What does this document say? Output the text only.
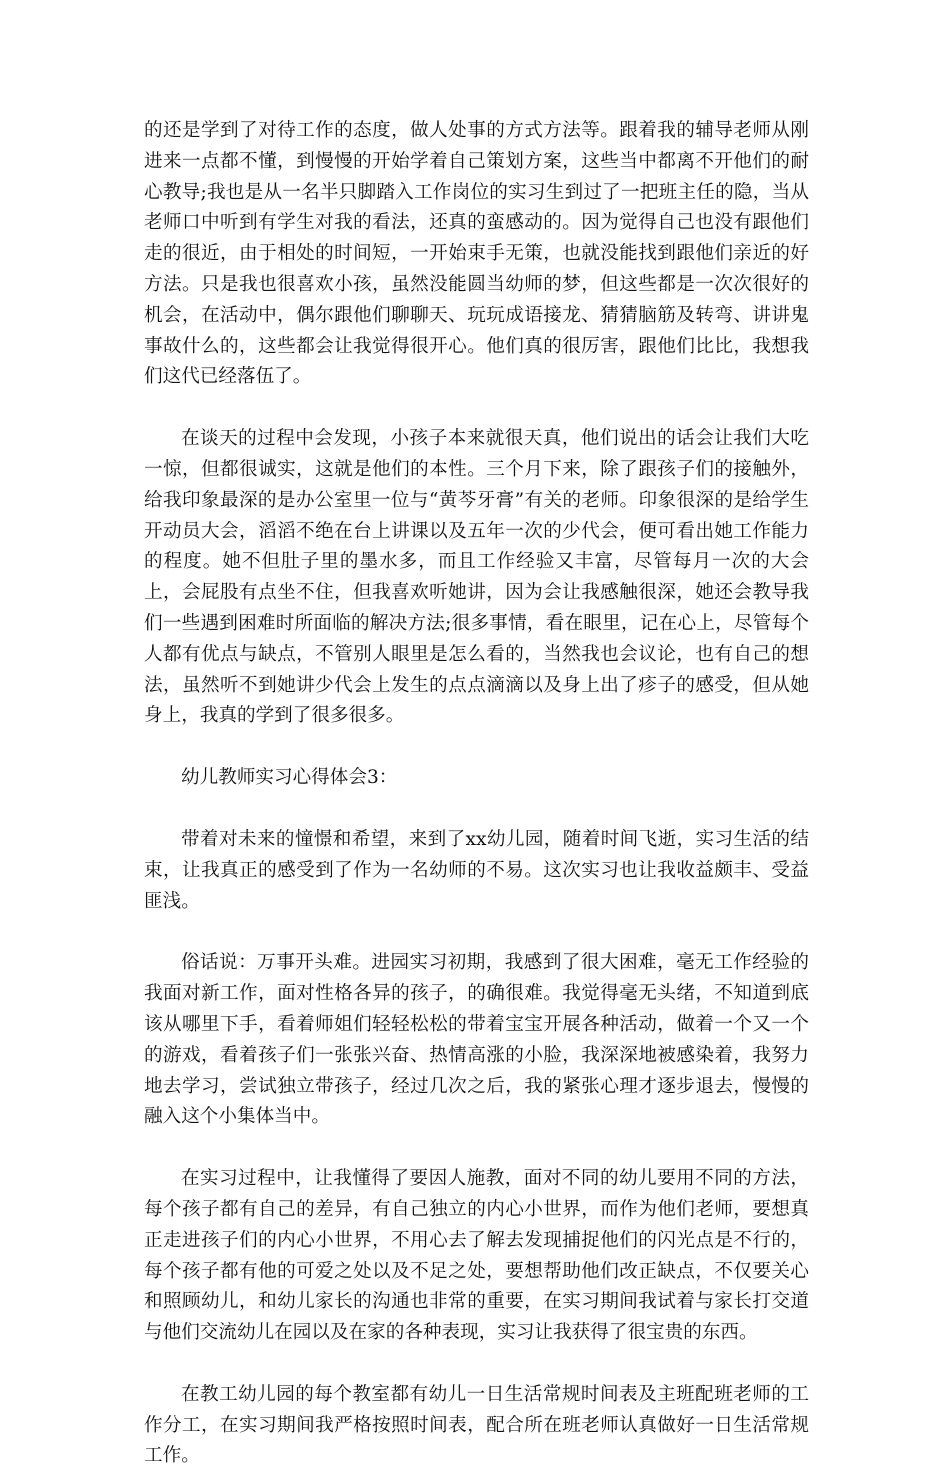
的还是学到了对待工作的态度，做人处事的方式方法等。跟着我的辅导老师从刚进来一点都不懂，到慢慢的开始学着自己策划方案，这些当中都离不开他们的耐心教导;我也是从一名半只脚踏入工作岗位的实习生到过了一把班主任的隐，当从老师口中听到有学生对我的看法，还真的蛮感动的。因为觉得自己也没有跟他们走的很近，由于相处的时间短，一开始束手无策，也就没能找到跟他们亲近的好方法。只是我也很喜欢小孩，虽然没能圆当幼师的梦，但这些都是一次次很好的机会，在活动中，偶尔跟他们聊聊天、玩玩成语接龙、猜猜脑筋及转弯、讲讲鬼事故什么的，这些都会让我觉得很开心。他们真的很厉害，跟他们比比，我想我们这代已经落伍了。

在谈天的过程中会发现，小孩子本来就很天真，他们说出的话会让我们大吃一惊，但都很诚实，这就是他们的本性。三个月下来，除了跟孩子们的接触外，给我印象最深的是办公室里一位与“黄芩牙膏”有关的老师。印象很深的是给学生开动员大会，滔滔不绝在台上讲课以及五年一次的少代会，便可看出她工作能力的程度。她不但肚子里的墨水多，而且工作经验又丰富，尽管每月一次的大会上，会屁股有点坐不住，但我喜欢听她讲，因为会让我感触很深，她还会教导我们一些遇到困难时所面临的解决方法;很多事情，看在眼里，记在心上，尽管每个人都有优点与缺点，不管别人眼里是怎么看的，当然我也会议论，也有自己的想法，虽然听不到她讲少代会上发生的点点滴滴以及身上出了疹子的感受，但从她身上，我真的学到了很多很多。

幼儿教师实习心得体会3：

带着对未来的憧憬和希望，来到了xx幼儿园，随着时间飞逝，实习生活的结束，让我真正的感受到了作为一名幼师的不易。这次实习也让我收益颇丰、受益匪浅。

俗话说：万事开头难。进园实习初期，我感到了很大困难，毫无工作经验的我面对新工作，面对性格各异的孩子，的确很难。我觉得毫无头绪，不知道到底该从哪里下手，看着师姐们轻轻松松的带着宝宝开展各种活动，做着一个又一个的游戏，看着孩子们一张张兴奋、热情高涨的小脸，我深深地被感染着，我努力地去学习，尝试独立带孩子，经过几次之后，我的紧张心理才逐步退去，慢慢的融入这个小集体当中。

在实习过程中，让我懂得了要因人施教，面对不同的幼儿要用不同的方法，每个孩子都有自己的差异，有自己独立的内心小世界，而作为他们老师，要想真正走进孩子们的内心小世界，不用心去了解去发现捕捉他们的闪光点是不行的，每个孩子都有他的可爱之处以及不足之处，要想帮助他们改正缺点，不仅要关心和照顾幼儿，和幼儿家长的沟通也非常的重要，在实习期间我试着与家长打交道与他们交流幼儿在园以及在家的各种表现，实习让我获得了很宝贵的东西。

在教工幼儿园的每个教室都有幼儿一日生活常规时间表及主班配班老师的工作分工，在实习期间我严格按照时间表，配合所在班老师认真做好一日生活常规工作。
